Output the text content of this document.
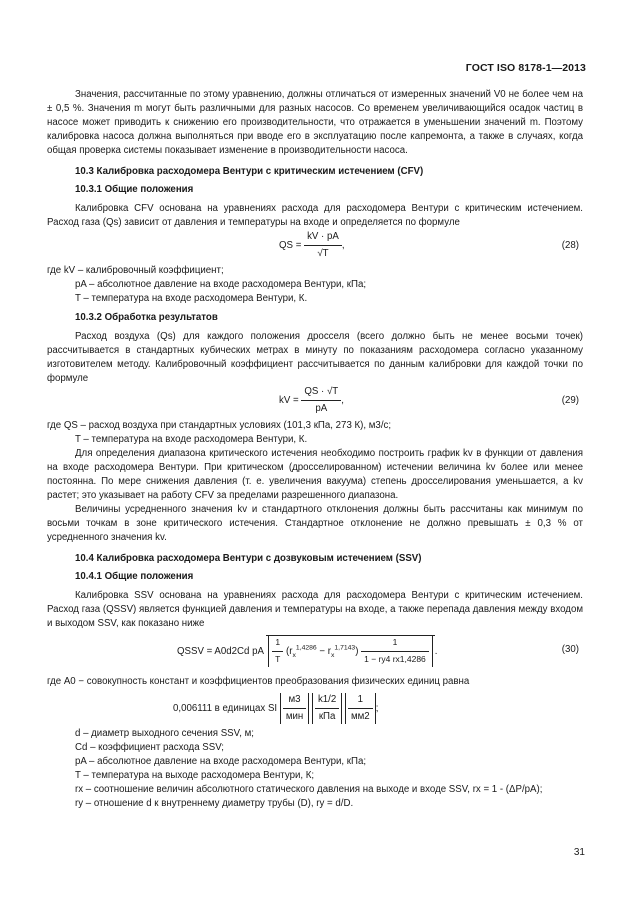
ГОСТ ISO 8178-1—2013

Значения, рассчитанные по этому уравнению, должны отличаться от измеренных значений V0 не более чем на ± 0,5 %. Значения m могут быть различными для разных насосов. Со временем увеличивающийся осадок частиц в насосе может приводить к снижению его производительности, что отражается в уменьшении значений m. Поэтому калибровка насоса должна выполняться при вводе его в эксплуатацию после капремонта, а также в случаях, когда общая проверка системы показывает изменение в производительности насоса.

10.3 Калибровка расходомера Вентури с критическим истечением (CFV)
10.3.1 Общие положения

Калибровка CFV основана на уравнениях расхода для расходомера Вентури с критическим истечением. Расход газа (Qs) зависит от давления и температуры на входе и определяется по формуле

QS = $\frac{kV \cdot pA}{√T}$ ,	(28)

где kV – калибровочный коэффициент;

pA – абсолютное давление на входе расходомера Вентури, кПа;

T – температура на входе расходомера Вентури, К.

10.3.2 Обработка результатов

Расход воздуха (Qs) для каждого положения дросселя (всего должно быть не менее восьми точек) рассчитывается в стандартных кубических метрах в минуту по показаниям расходомера согласно указанному изготовителем методу. Калибровочный коэффициент рассчитывается по данным калибровки для каждой точки по формуле

kV = $\frac{QS \cdot √T}{pA}$ ,	(29)

где QS – расход воздуха при стандартных условиях (101,3 кПа, 273 К), м3/с;

T – температура на входе расходомера Вентури, К.

Для определения диапазона критического истечения необходимо построить график kv в функции от давления на входе расходомера Вентури. При критическом (дросселированном) истечении величина kv более или менее постоянна. По мере снижения давления (т. е. увеличения вакуума) степень дросселирования уменьшается, а kv растет; это указывает на работу CFV за пределами разрешенного диапазона.

Величины усредненного значения kv и стандартного отклонения должны быть рассчитаны как минимум по восьми точкам в зоне критического истечения. Стандартное отклонение не должно превышать ± 0,3 % от усредненного значения kv.

10.4 Калибровка расходомера Вентури с дозвуковым истечением (SSV)
10.4.1 Общие положения

Калибровка SSV основана на уравнениях расхода для расходомера Вентури с критическим истечением. Расход газа (QSSV) является функцией давления и температуры на входе, а также перепада давления между входом и выходом SSV, как показано ниже

QSSV = A0d2Cd pA $\frac{1}{T} (r_x^{1,4286} - r_x^{1,7143}) \frac{1}{1 - ry4 rx1,4286}$ .	(30)

где A0 − совокупность констант и коэффициентов преобразования физических единиц равна

0,006111 в единицах SI $\frac{м3}{\text{мин}}$
$\frac{k1/2}{\text{кПа}}$
$\frac{1}{мм2}$ ;

d – диаметр выходного сечения SSV, м;

Cd – коэффициент расхода SSV;

pA – абсолютное давление на входе расходомера Вентури, кПа;

T – температура на выходе расходомера Вентури, К;

rx – соотношение величин абсолютного статического давления на выходе и входе SSV, rx = 1 - (ΔP/pA);

ry – отношение d к внутреннему диаметру трубы (D), ry = d/D.

31
